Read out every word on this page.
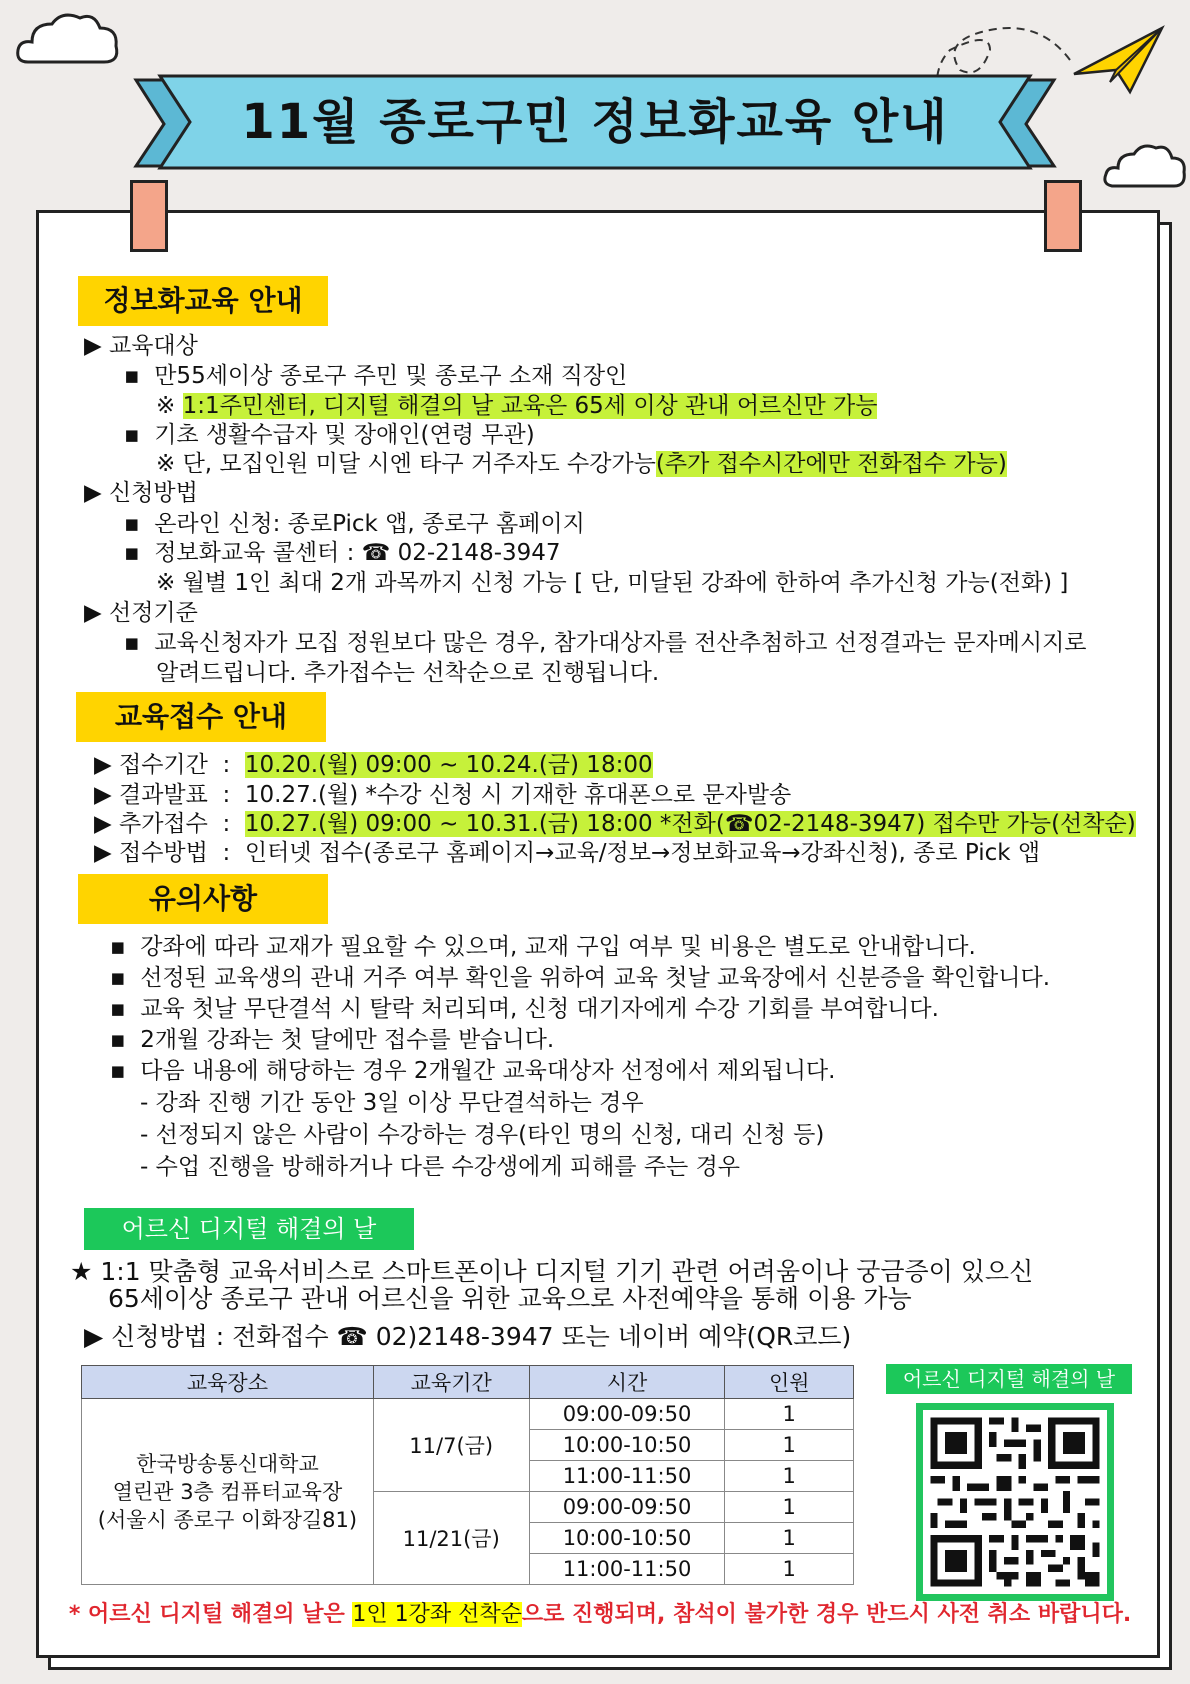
11월 종로구민 정보화교육 안내
정보화교육 안내
▶ 교육대상
▪  만55세이상 종로구 주민 및 종로구 소재 직장인
※ 1:1주민센터, 디지털 해결의 날 교육은 65세 이상 관내 어르신만 가능
▪  기초 생활수급자 및 장애인(연령 무관)
※ 단, 모집인원 미달 시엔 타구 거주자도 수강가능(추가 접수시간에만 전화접수 가능)
▶ 신청방법
▪  온라인 신청: 종로Pick 앱, 종로구 홈페이지
▪  정보화교육 콜센터 : ☎ 02-2148-3947
※ 월별 1인 최대 2개 과목까지 신청 가능 [ 단, 미달된 강좌에 한하여 추가신청 가능(전화) ]
▶ 선정기준
▪  교육신청자가 모집 정원보다 많은 경우, 참가대상자를 전산추첨하고 선정결과는 문자메시지로
알려드립니다. 추가접수는 선착순으로 진행됩니다.
교육접수 안내
▶ 접수기간  :  10.20.(월) 09:00 ~ 10.24.(금) 18:00
▶ 결과발표  :  10.27.(월) *수강 신청 시 기재한 휴대폰으로 문자발송
▶ 추가접수  :  10.27.(월) 09:00 ~ 10.31.(금) 18:00 *전화(☎02-2148-3947) 접수만 가능(선착순)
▶ 접수방법  :  인터넷 접수(종로구 홈페이지→교육/정보→정보화교육→강좌신청), 종로 Pick 앱
유의사항
▪  강좌에 따라 교재가 필요할 수 있으며, 교재 구입 여부 및 비용은 별도로 안내합니다.
▪  선정된 교육생의 관내 거주 여부 확인을 위하여 교육 첫날 교육장에서 신분증을 확인합니다.
▪  교육 첫날 무단결석 시 탈락 처리되며, 신청 대기자에게 수강 기회를 부여합니다.
▪  2개월 강좌는 첫 달에만 접수를 받습니다.
▪  다음 내용에 해당하는 경우 2개월간 교육대상자 선정에서 제외됩니다.
- 강좌 진행 기간 동안 3일 이상 무단결석하는 경우
- 선정되지 않은 사람이 수강하는 경우(타인 명의 신청, 대리 신청 등)
- 수업 진행을 방해하거나 다른 수강생에게 피해를 주는 경우
어르신 디지털 해결의 날
★ 1:1 맞춤형 교육서비스로 스마트폰이나 디지털 기기 관련 어려움이나 궁금증이 있으신
65세이상 종로구 관내 어르신을 위한 교육으로 사전예약을 통해 이용 가능
▶ 신청방법 : 전화접수 ☎ 02)2148-3947 또는 네이버 예약(QR코드)
교육장소	교육기간	시간	인원

한국방송통신대학교
열린관 3층 컴퓨터교육장
(서울시 종로구 이화장길81)	11/7(금)	09:00-09:50	1
		10:00-10:50	1
		11:00-11:50	1
	11/21(금)	09:00-09:50	1
		10:00-10:50	1
		11:00-11:50	1
어르신 디지털 해결의 날
* 어르신 디지털 해결의 날은 1인 1강좌 선착순으로 진행되며, 참석이 불가한 경우 반드시 사전 취소 바랍니다.
